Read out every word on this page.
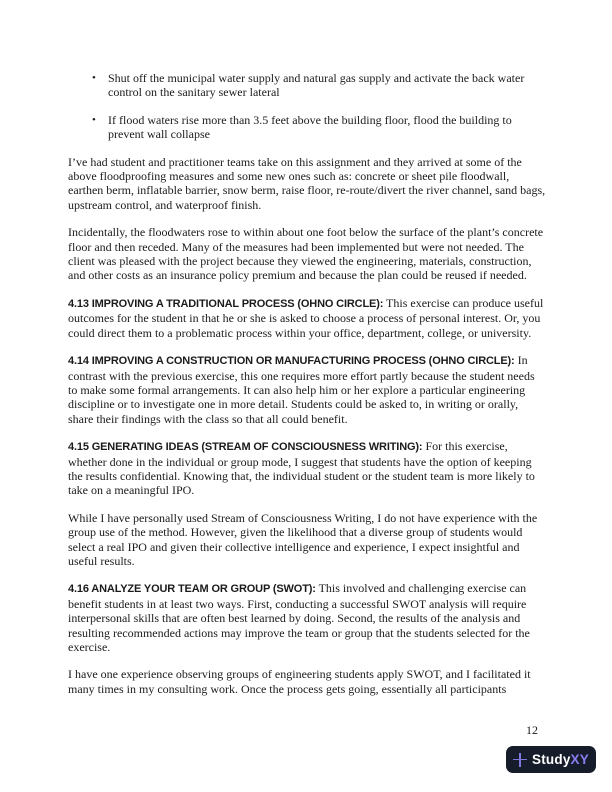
•	Shut off the municipal water supply and natural gas supply and activate the back water control on the sanitary sewer lateral
•	If flood waters rise more than 3.5 feet above the building floor, flood the building to prevent wall collapse

I’ve had student and practitioner teams take on this assignment and they arrived at some of the above floodproofing measures and some new ones such as: concrete or sheet pile floodwall, earthen berm, inflatable barrier, snow berm, raise floor, re-route/divert the river channel, sand bags, upstream control, and waterproof finish.

Incidentally, the floodwaters rose to within about one foot below the surface of the plant’s concrete floor and then receded. Many of the measures had been implemented but were not needed. The client was pleased with the project because they viewed the engineering, materials, construction, and other costs as an insurance policy premium and because the plan could be reused if needed.

4.13 IMPROVING A TRADITIONAL PROCESS (OHNO CIRCLE): This exercise can produce useful outcomes for the student in that he or she is asked to choose a process of personal interest. Or, you could direct them to a problematic process within your office, department, college, or university.

4.14 IMPROVING A CONSTRUCTION OR MANUFACTURING PROCESS (OHNO CIRCLE): In contrast with the previous exercise, this one requires more effort partly because the student needs to make some formal arrangements. It can also help him or her explore a particular engineering discipline or to investigate one in more detail. Students could be asked to, in writing or orally, share their findings with the class so that all could benefit.

4.15 GENERATING IDEAS (STREAM OF CONSCIOUSNESS WRITING): For this exercise, whether done in the individual or group mode, I suggest that students have the option of keeping the results confidential. Knowing that, the individual student or the student team is more likely to take on a meaningful IPO.

While I have personally used Stream of Consciousness Writing, I do not have experience with the group use of the method. However, given the likelihood that a diverse group of students would select a real IPO and given their collective intelligence and experience, I expect insightful and useful results.

4.16 ANALYZE YOUR TEAM OR GROUP (SWOT): This involved and challenging exercise can benefit students in at least two ways. First, conducting a successful SWOT analysis will require interpersonal skills that are often best learned by doing. Second, the results of the analysis and resulting recommended actions may improve the team or group that the students selected for the exercise.

I have one experience observing groups of engineering students apply SWOT, and I facilitated it many times in my consulting work. Once the process gets going, essentially all participants

12
StudyXY
